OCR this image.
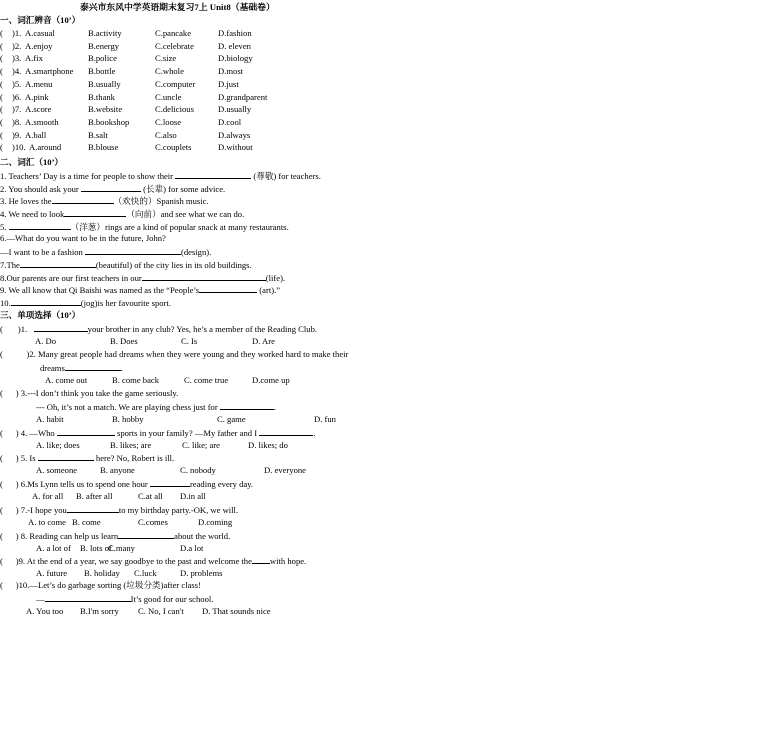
泰兴市东风中学英语期末复习7上 Unit8（基础卷）
一、词汇辨音（10’）
( )1. A.casual	B.activity	C.pancake	D.fashion
( )2. A.enjoy	B.energy	C.celebrate	D. eleven
( )3. A.fix	B.police	C.size	D.biology
( )4. A.smartphone B.bottle	C.whole	D.most
( )5. A.menu	B.usually	C.computer	D.just
( )6. A.pink	B.thank	C.uncle	D.grandparent
( )7. A.score	B.website	C.delicious	D.usually
( )8. A.smooth	B.bookshop	C.loose	D.cool
( )9. A.ball	B.salt	C.also	D.always
( )10. A.around	B.blouse	C.couplets	D.without
二、词汇（10’）
1. Teachers’ Day is a time for people to show their	(尊敬) for teachers.
2. You should ask your	(长辈) for some advice.
3. He loves the	（欢快的）Spanish music.
4. We need to look	（向前）and see what we can do.
5.	（洋葱）rings are a kind of popular snack at many restaurants.
6.—What do you want to be in the future, John?
—I want to be a fashion	(design).
7.The	(beautiful) of the city lies in its old buildings.
8.Our parents are our first teachers in our	(life).
9. We all know that Qi Baishi was named as the “People’s	(art).”
10.	(jog)is her favourite sport.
三、单项选择（10’）
(       )1.	your brother in any club? Yes, he’s a member of the Reading Club.
A. Do	B. Does	C. Is	D. Are
(           )2. Many great people had dreams when they were young and they worked hard to make their
dreams	.
A. come out	B. come back	C. come true	D.come up
(      ) 3.---I don’t think you take the game seriously.
--- Oh, it’s not a match. We are playing chess just for	.
A. habit	B. hobby	C. game	D. fun
(      ) 4. —Who	sports in your family? —My father and I	.
A. like; does	B. likes; are	C. like; are	D. likes; do
(      ) 5. Is	here? No, Robert is ill.
A. someone	B. anyone	C. nobody	D. everyone
(      ) 6.Ms Lynn tells us to spend one hour	reading every day.
A. for all B. after all	C.at all D.in all
(      ) 7.-I hope you	to my birthday party.-OK, we will.
A. to come B. come	C.comes	D.coming
(      ) 8. Reading can help us learn	about the world.
A. a lot of B. lots of
C.many	D.a lot
(      )9. At the end of a year, we say goodbye to the past and welcome the with hope.
A. future B. holiday C.luck	D. problems
(      )10.—Let’s do garbage sorting (垃圾分类)after class!
—	It’s good for our school.
A. You too B.I'm sorry C. No, I can't D. That sounds nice
